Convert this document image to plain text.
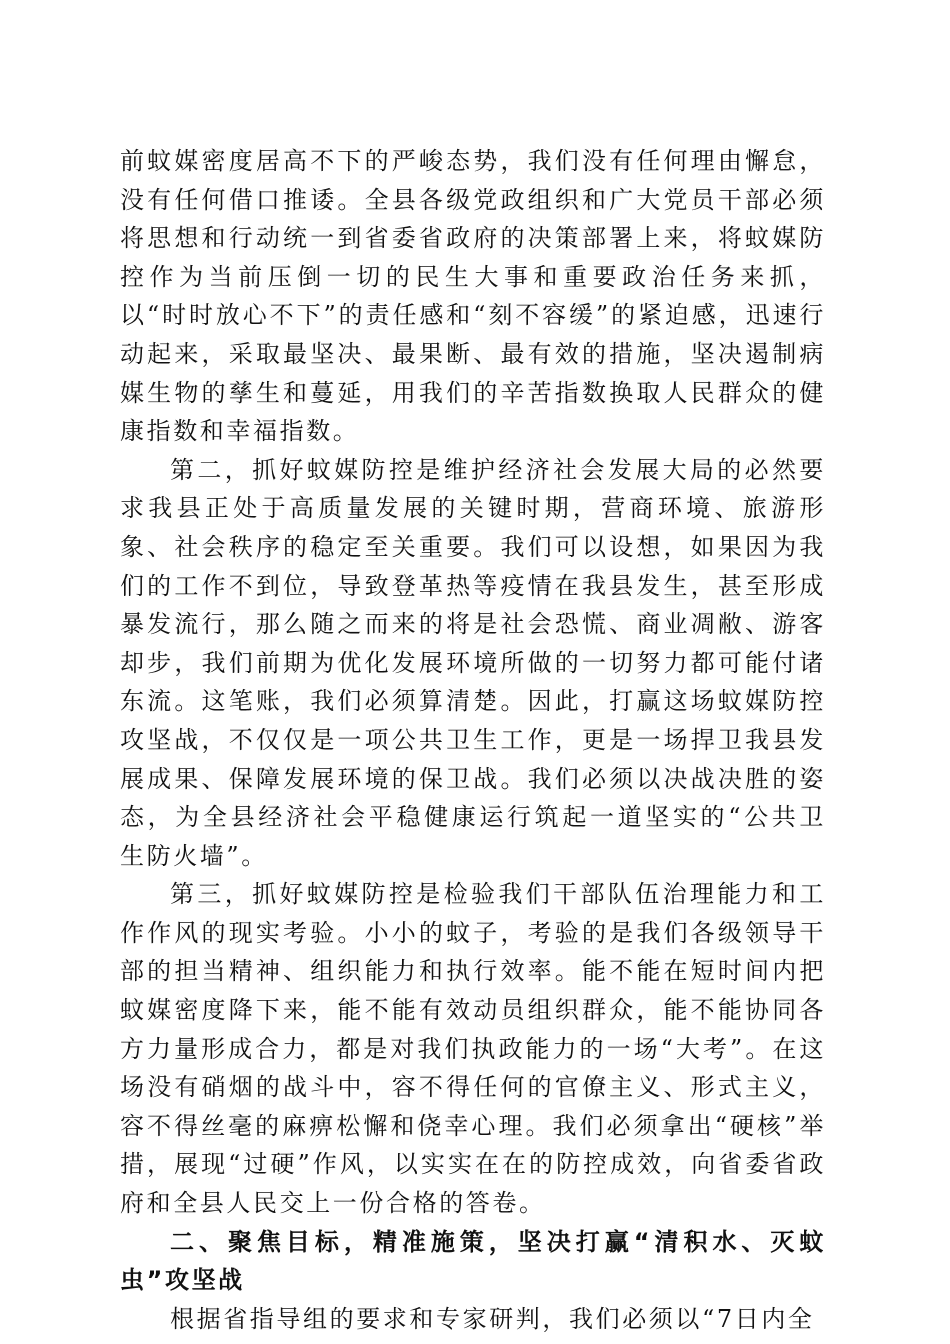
前蚊媒密度居高不下的严峻态势，我们没有任何理由懈怠，没有任何借口推诿。全县各级党政组织和广大党员干部必须将思想和行动统一到省委省政府的决策部署上来，将蚊媒防控作为当前压倒一切的民生大事和重要政治任务来抓，以“时时放心不下”的责任感和“刻不容缓”的紧迫感，迅速行动起来，采取最坚决、最果断、最有效的措施，坚决遏制病媒生物的孳生和蔓延，用我们的辛苦指数换取人民群众的健康指数和幸福指数。

第二，抓好蚊媒防控是维护经济社会发展大局的必然要求我县正处于高质量发展的关键时期，营商环境、旅游形象、社会秩序的稳定至关重要。我们可以设想，如果因为我们的工作不到位，导致登革热等疫情在我县发生，甚至形成暴发流行，那么随之而来的将是社会恐慌、商业凋敝、游客却步，我们前期为优化发展环境所做的一切努力都可能付诸东流。这笔账，我们必须算清楚。因此，打赢这场蚊媒防控攻坚战，不仅仅是一项公共卫生工作，更是一场捍卫我县发展成果、保障发展环境的保卫战。我们必须以决战决胜的姿态，为全县经济社会平稳健康运行筑起一道坚实的“公共卫生防火墙”。

第三，抓好蚊媒防控是检验我们干部队伍治理能力和工作作风的现实考验。小小的蚊子，考验的是我们各级领导干部的担当精神、组织能力和执行效率。能不能在短时间内把蚊媒密度降下来，能不能有效动员组织群众，能不能协同各方力量形成合力，都是对我们执政能力的一场“大考”。在这场没有硝烟的战斗中，容不得任何的官僚主义、形式主义，容不得丝毫的麻痹松懈和侥幸心理。我们必须拿出“硬核”举措，展现“过硬”作风，以实实在在的防控成效，向省委省政府和全县人民交上一份合格的答卷。

二、聚焦目标，精准施策，坚决打赢“清积水、灭蚊虫”攻坚战

根据省指导组的要求和专家研判，我们必须以“7日内全
